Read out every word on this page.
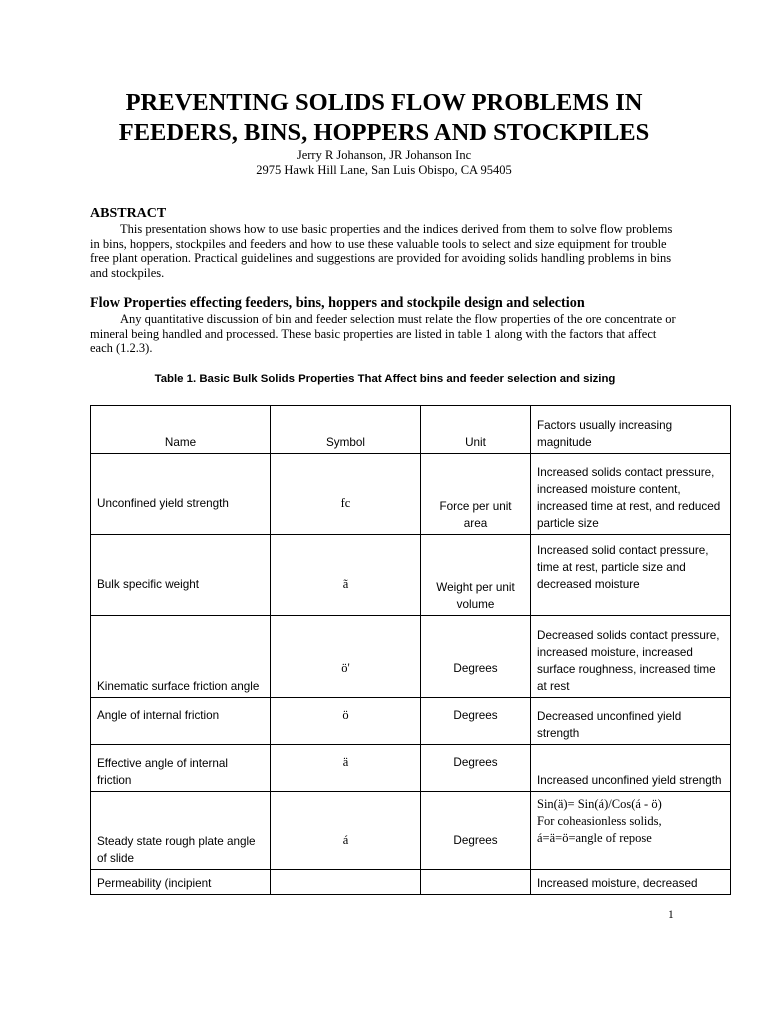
PREVENTING SOLIDS FLOW PROBLEMS IN
FEEDERS, BINS, HOPPERS AND STOCKPILES
Jerry R Johanson, JR Johanson Inc
2975 Hawk Hill Lane, San Luis Obispo, CA 95405
ABSTRACT

This presentation shows how to use basic properties and the indices derived from them to solve flow problems in bins, hoppers, stockpiles and feeders and how to use these valuable tools to select and size equipment for trouble free plant operation. Practical guidelines and suggestions are provided for avoiding solids handling problems in bins and stockpiles.

Flow Properties effecting feeders, bins, hoppers and stockpile design and selection

Any quantitative discussion of bin and feeder selection must relate the flow properties of the ore concentrate or mineral being handled and processed. These basic properties are listed in table 1 along with the factors that affect each (1.2.3).

Table 1. Basic Bulk Solids Properties That Affect bins and feeder selection and sizing

Name	Symbol	Unit	Factors usually increasing magnitude
Unconfined yield strength	fc	Force per unit area	Increased solids contact pressure, increased moisture content, increased time at rest, and reduced particle size
Bulk specific weight	ã	Weight per unit volume	Increased solid contact pressure, time at rest, particle size and decreased moisture
Kinematic surface friction angle	ö'	Degrees	Decreased solids contact pressure, increased moisture, increased surface roughness, increased time at rest
Angle of internal friction	ö	Degrees	Decreased unconfined yield strength
Effective angle of internal friction	ä	Degrees	Increased unconfined yield strength
Steady state rough plate angle of slide	á	Degrees	Sin(ä)= Sin(á)/Cos(á - ö)
For coheasionless solids,
á=ä=ö=angle of repose

Permeability (incipient			Increased moisture, decreased
1
